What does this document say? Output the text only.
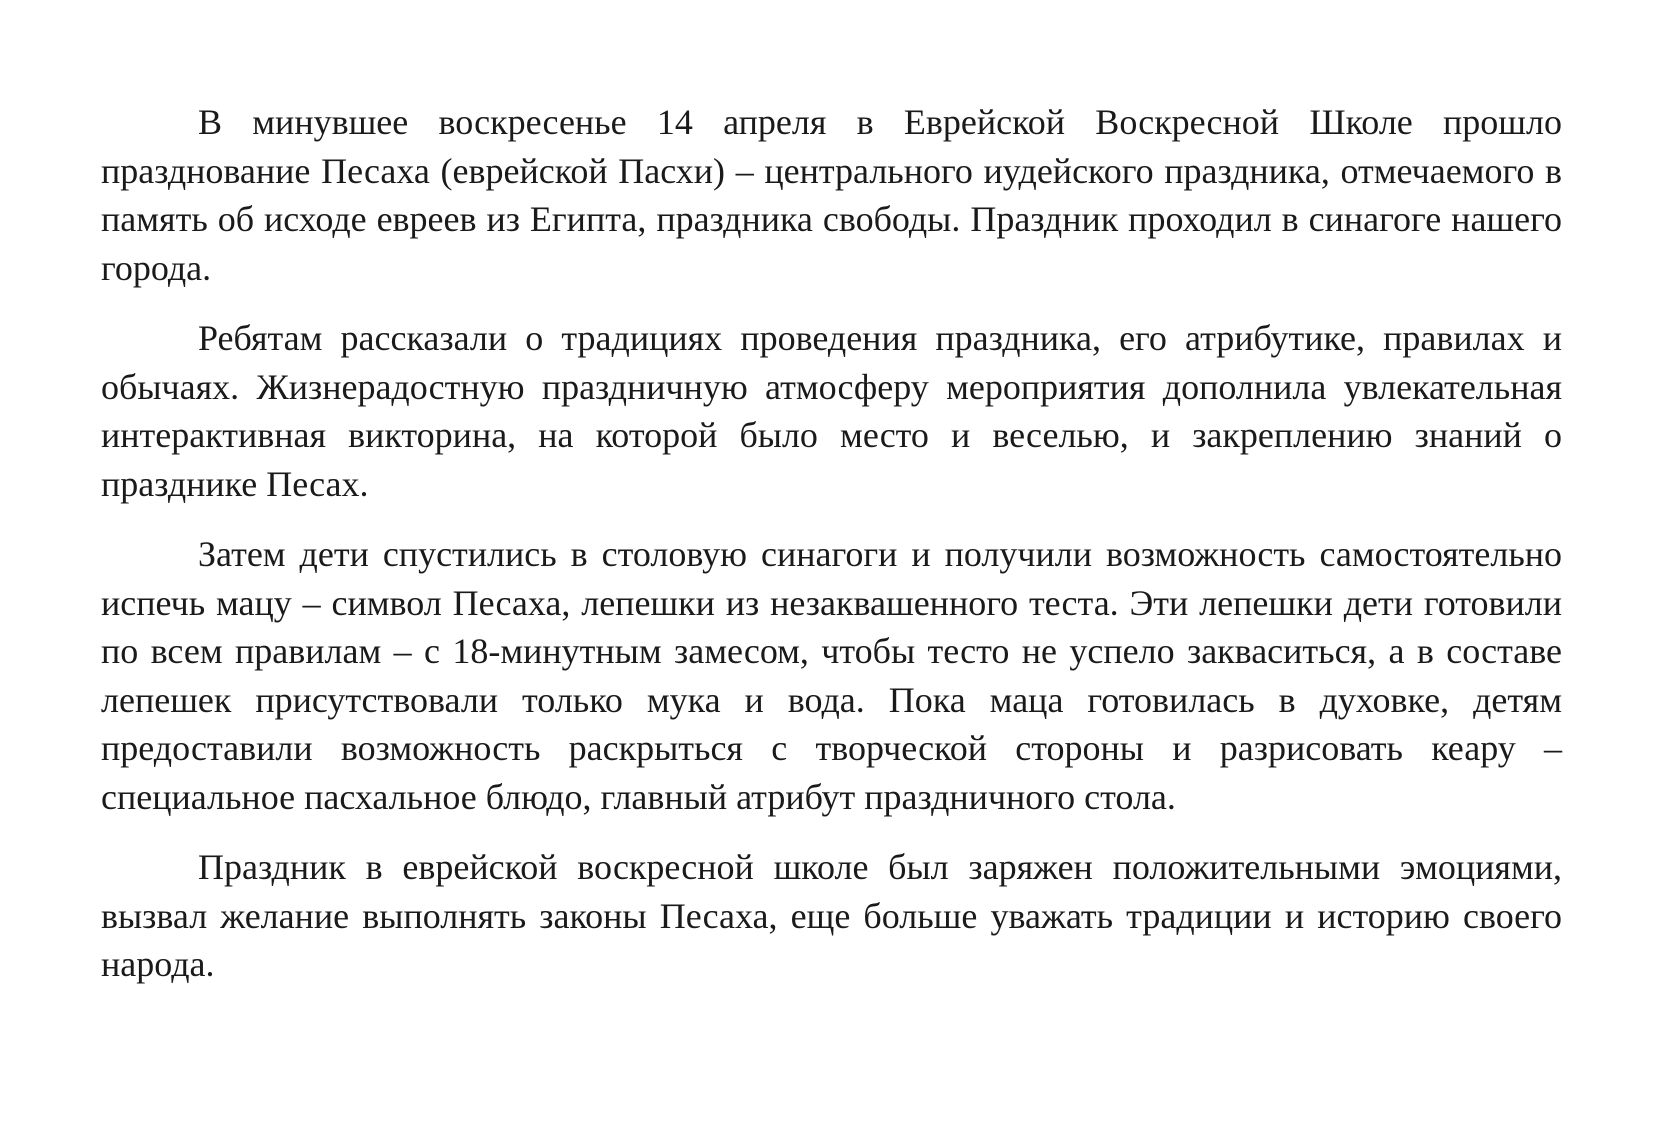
В минувшее воскресенье 14 апреля в Еврейской Воскресной Школе прошло празднование Песаха (еврейской Пасхи) – центрального иудейского праздника, отмечаемого в память об исходе евреев из Египта, праздника свободы. Праздник проходил в синагоге нашего города.

Ребятам рассказали о традициях проведения праздника, его атрибутике, правилах и обычаях. Жизнерадостную праздничную атмосферу мероприятия дополнила увлекательная интерактивная викторина, на которой было место и веселью, и закреплению знаний о празднике Песах.

Затем дети спустились в столовую синагоги и получили возможность самостоятельно испечь мацу – символ Песаха, лепешки из незаквашенного теста. Эти лепешки дети готовили по всем правилам – с 18-минутным замесом, чтобы тесто не успело закваситься, а в составе лепешек присутствовали только мука и вода. Пока маца готовилась в духовке, детям предоставили возможность раскрыться с творческой стороны и разрисовать кеару – специальное пасхальное блюдо, главный атрибут праздничного стола.

Праздник в еврейской воскресной школе был заряжен положительными эмоциями, вызвал желание выполнять законы Песаха, еще больше уважать традиции и историю своего народа.
